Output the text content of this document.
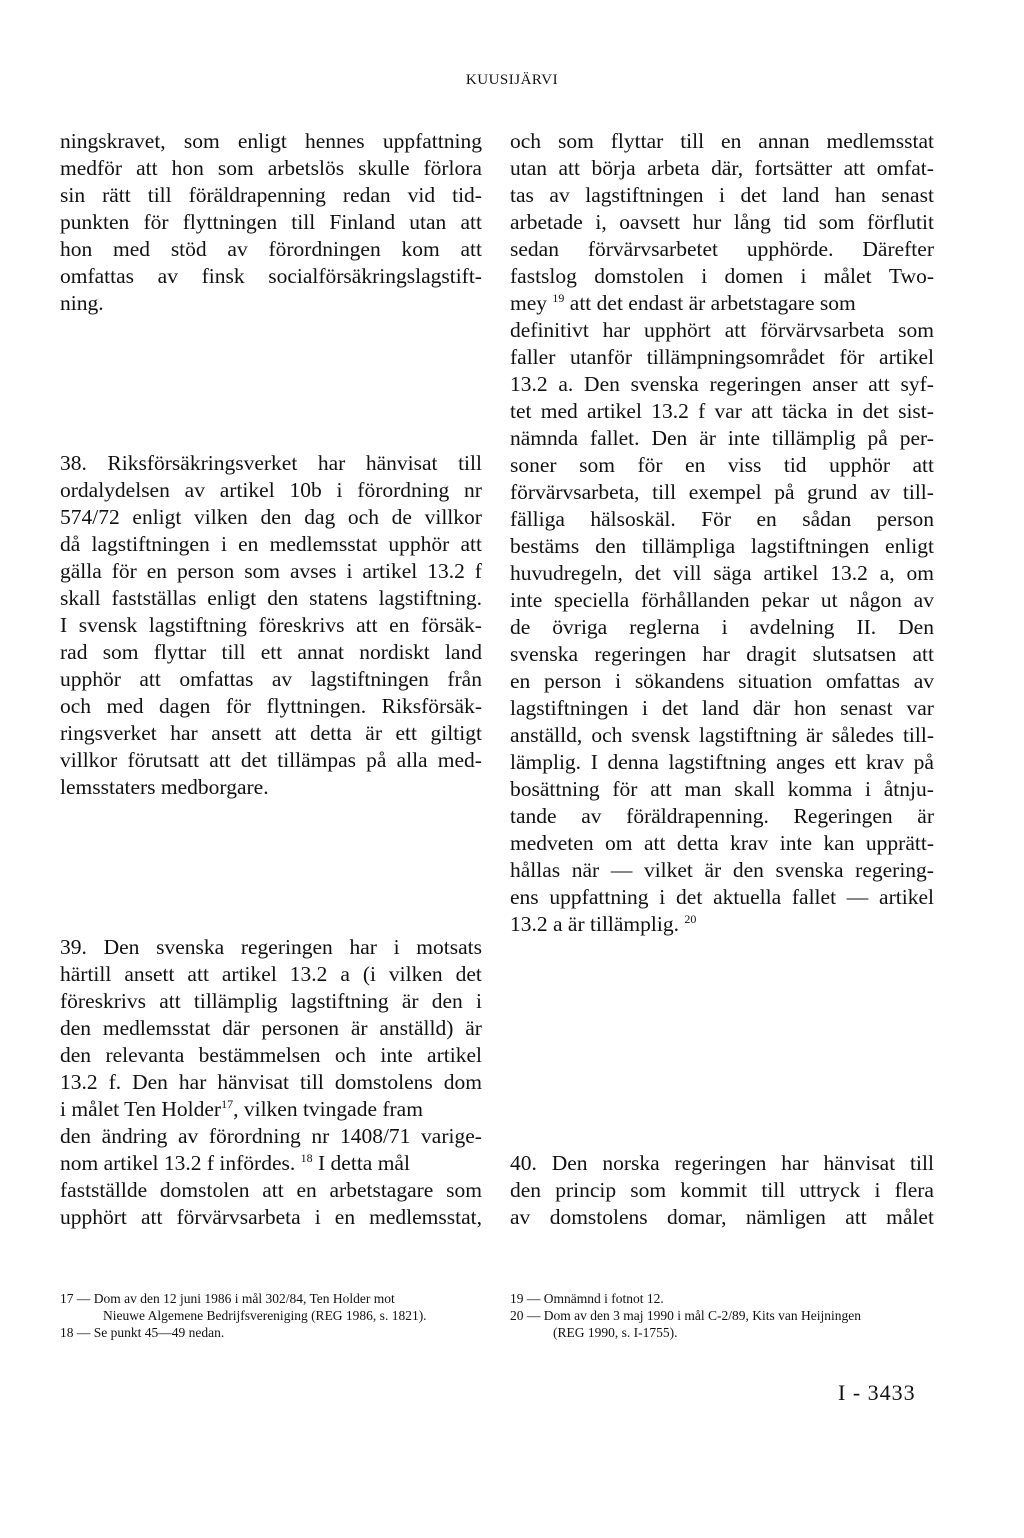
KUUSIJÄRVI
ningskravet, som enligt hennes uppfattning
medför att hon som arbetslös skulle förlora
sin rätt till föräldrapenning redan vid tid-
punkten för flyttningen till Finland utan att
hon med stöd av förordningen kom att
omfattas av finsk socialförsäkringslagstift-
ning.
38. Riksförsäkringsverket har hänvisat till
ordalydelsen av artikel 10b i förordning nr
574/72 enligt vilken den dag och de villkor
då lagstiftningen i en medlemsstat upphör att
gälla för en person som avses i artikel 13.2 f
skall fastställas enligt den statens lagstiftning.
I svensk lagstiftning föreskrivs att en försäk-
rad som flyttar till ett annat nordiskt land
upphör att omfattas av lagstiftningen från
och med dagen för flyttningen. Riksförsäk-
ringsverket har ansett att detta är ett giltigt
villkor förutsatt att det tillämpas på alla med-
lemsstaters medborgare.
39. Den svenska regeringen har i motsats
härtill ansett att artikel 13.2 a (i vilken det
föreskrivs att tillämplig lagstiftning är den i
den medlemsstat där personen är anställd) är
den relevanta bestämmelsen och inte artikel
13.2 f. Den har hänvisat till domstolens dom
i målet Ten Holder$^{17}$, vilken tvingade fram
den ändring av förordning nr 1408/71 varige-
nom artikel 13.2 f infördes. $^{18}$ I detta mål
fastställde domstolen att en arbetstagare som
upphört att förvärvsarbeta i en medlemsstat,
och som flyttar till en annan medlemsstat
utan att börja arbeta där, fortsätter att omfat-
tas av lagstiftningen i det land han senast
arbetade i, oavsett hur lång tid som förflutit
sedan förvärvsarbetet upphörde. Därefter
fastslog domstolen i domen i målet Two-
mey $^{19}$ att det endast är arbetstagare som
definitivt har upphört att förvärvsarbeta som
faller utanför tillämpningsområdet för artikel
13.2 a. Den svenska regeringen anser att syf-
tet med artikel 13.2 f var att täcka in det sist-
nämnda fallet. Den är inte tillämplig på per-
soner som för en viss tid upphör att
förvärvsarbeta, till exempel på grund av till-
fälliga hälsoskäl. För en sådan person
bestäms den tillämpliga lagstiftningen enligt
huvudregeln, det vill säga artikel 13.2 a, om
inte speciella förhållanden pekar ut någon av
de övriga reglerna i avdelning II. Den
svenska regeringen har dragit slutsatsen att
en person i sökandens situation omfattas av
lagstiftningen i det land där hon senast var
anställd, och svensk lagstiftning är således till-
lämplig. I denna lagstiftning anges ett krav på
bosättning för att man skall komma i åtnju-
tande av föräldrapenning. Regeringen är
medveten om att detta krav inte kan upprätt-
hållas när — vilket är den svenska regering-
ens uppfattning i det aktuella fallet — artikel
13.2 a är tillämplig. $^{20}$
40. Den norska regeringen har hänvisat till
den princip som kommit till uttryck i flera
av domstolens domar, nämligen att målet
17 — Dom av den 12 juni 1986 i mål 302/84, Ten Holder mot
Nieuwe Algemene Bedrijfsvereniging (REG 1986, s. 1821).
18 — Se punkt 45—49 nedan.
19 — Omnämnd i fotnot 12.
20 — Dom av den 3 maj 1990 i mål C-2/89, Kits van Heijningen
(REG 1990, s. I-1755).
I - 3433
